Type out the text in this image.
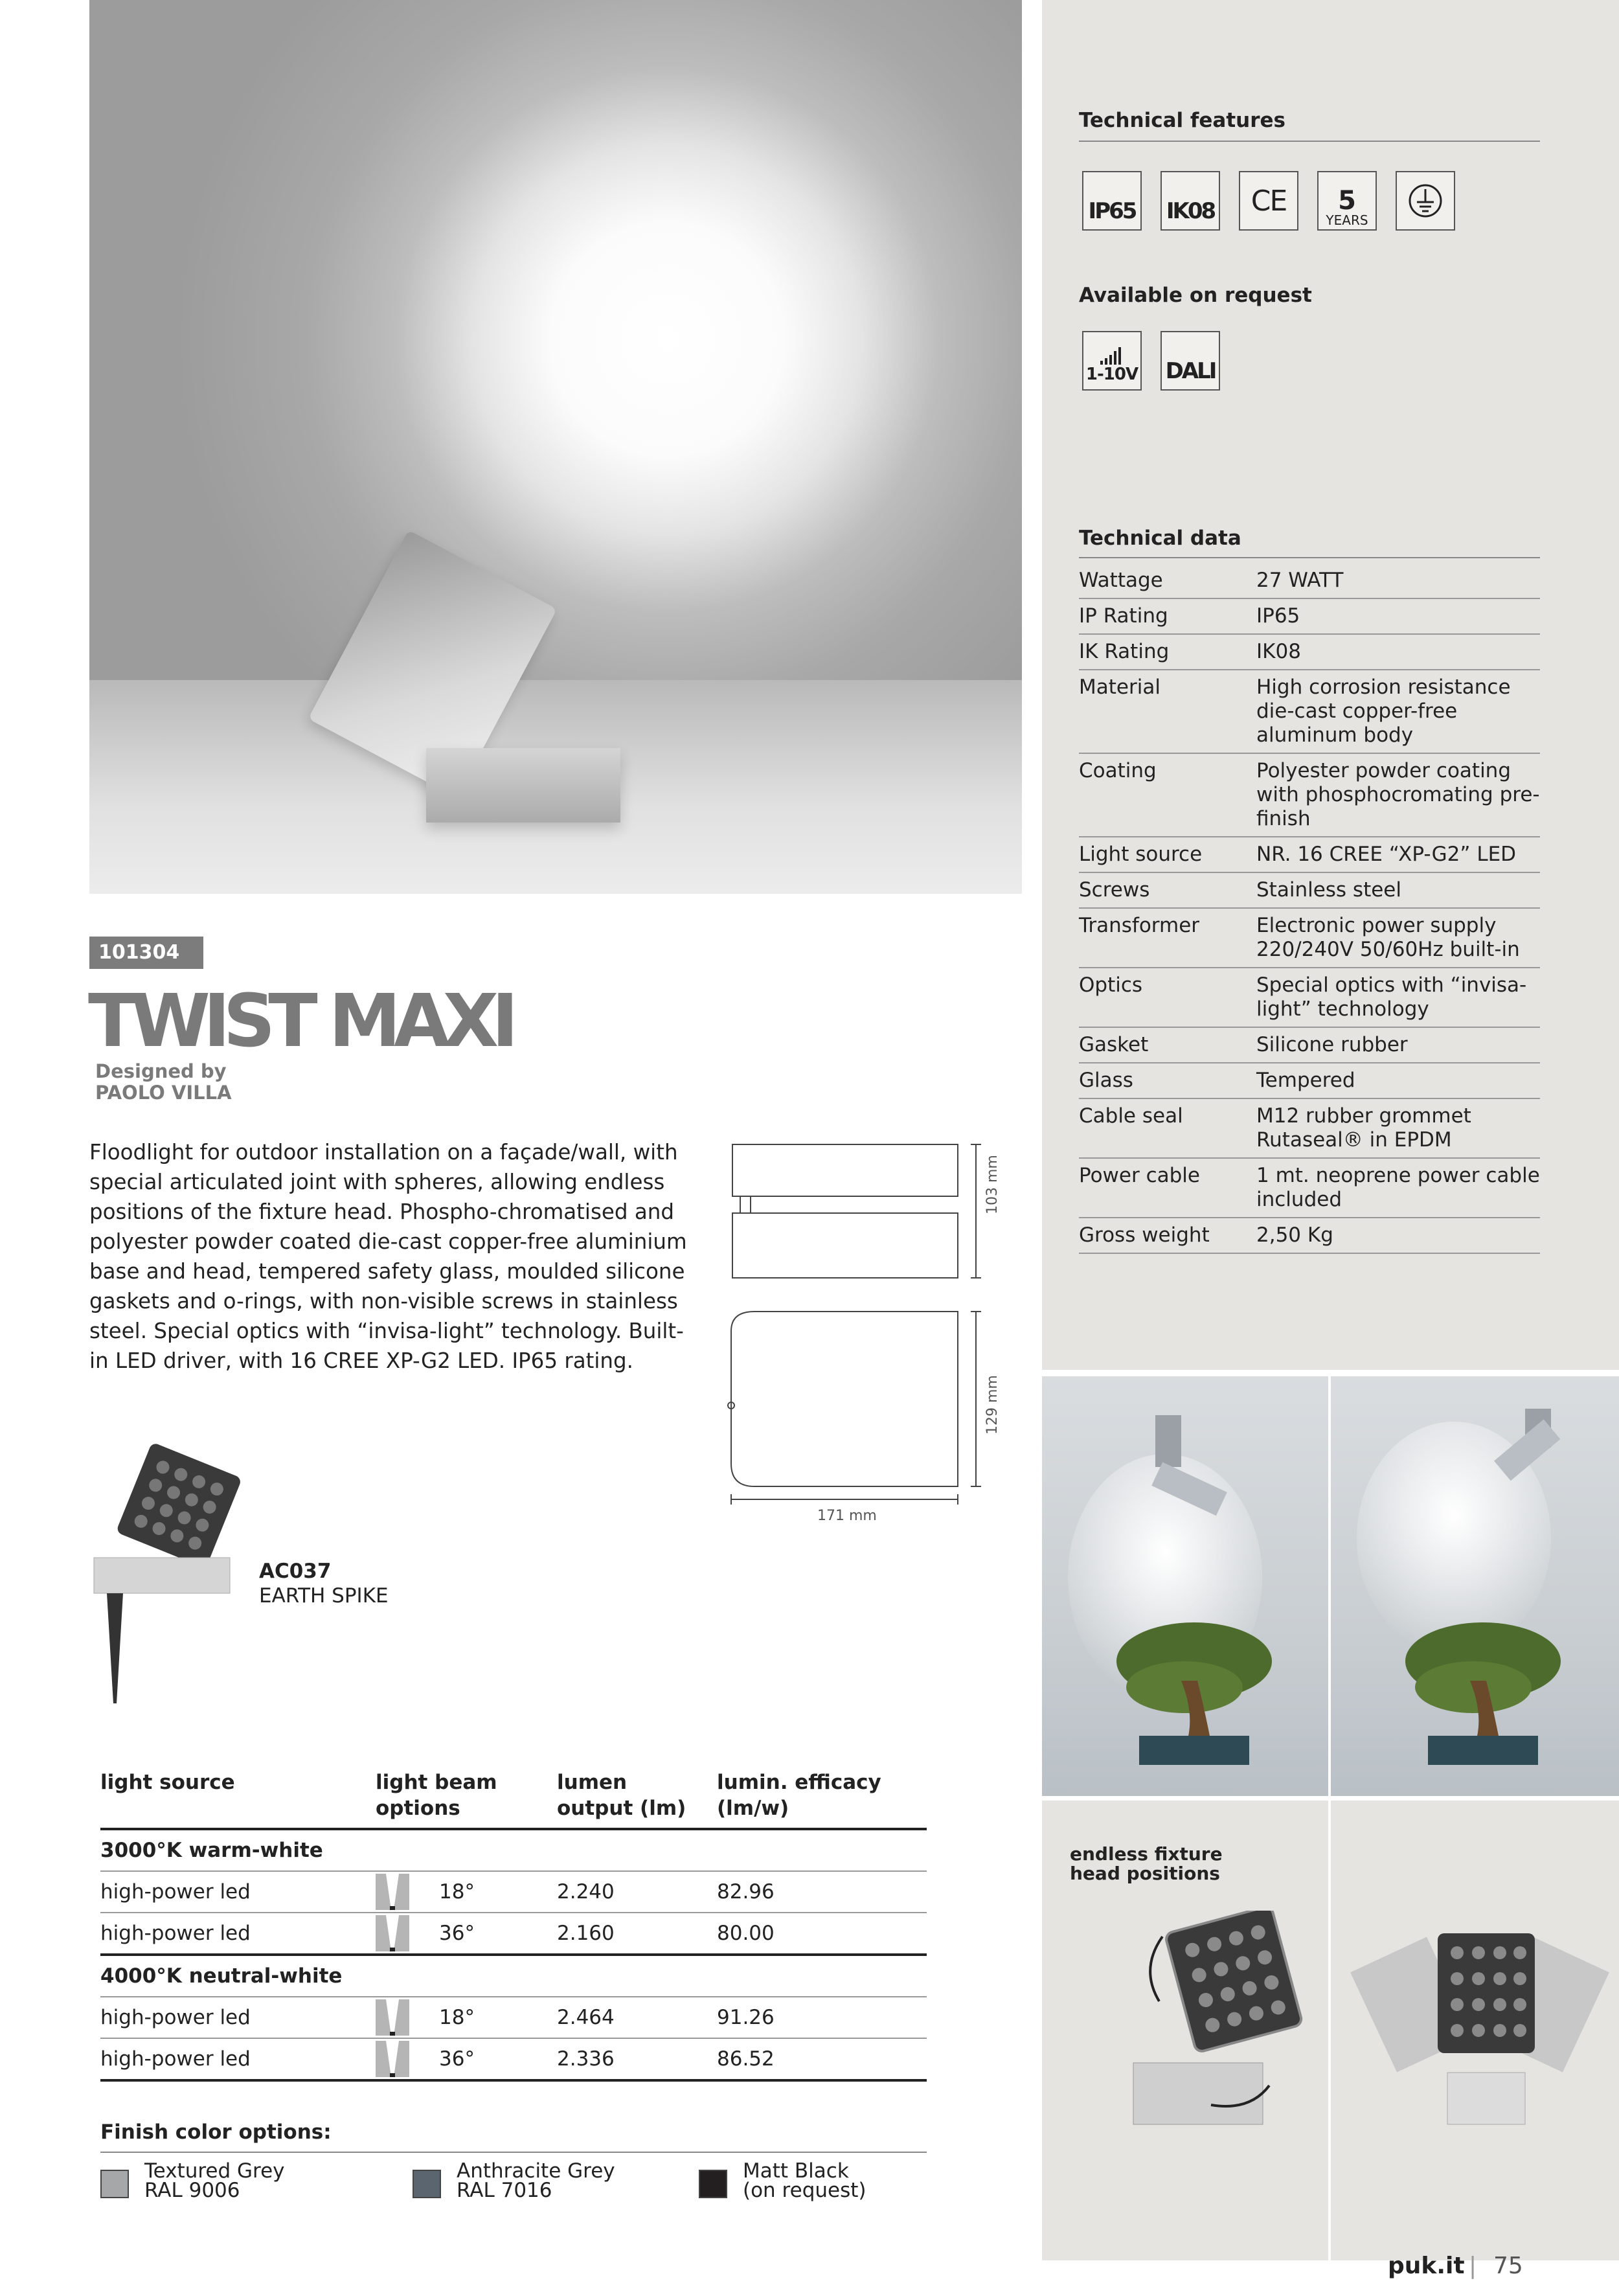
Technical features
IP65 IK08	CE	5
YEARS
Available on request
1-10V DALI
Technical data
Wattage	27 WATT
IP Rating	IP65
IK Rating	IK08
Material	High corrosion resistance die-cast copper-free aluminum body
Coating	Polyester powder coating with phosphocromating pre-finish
Light source	NR. 16 CREE “XP-G2” LED
Screws	Stainless steel
Transformer	Electronic power supply 220/240V 50/60Hz built-in
Optics	Special optics with “invisa-light” technology
Gasket	Silicone rubber
Glass	Tempered
Cable seal	M12 rubber grommet Rutaseal® in EPDM
Power cable	1 mt. neoprene power cable included
Gross weight	2,50 Kg
101304
TWIST MAXI
Designed by
PAOLO VILLA

Floodlight for outdoor installation on a façade/wall, with special articulated joint with spheres, allowing endless positions of the fixture head. Phospho-chromatised and polyester powder coated die-cast copper-free aluminium base and head, tempered safety glass, moulded silicone gaskets and o-rings, with non-visible screws in stainless steel. Special optics with “invisa-light” technology. Built-in LED driver, with 16 CREE XP-G2 LED. IP65 rating.

103 mm
129 mm
171 mm
AC037
EARTH SPIKE
light source	light beam options	lumen output (lm)	lumin. efficacy (lm/w)

3000°K warm-white			
high-power led	18°	2.240	82.96
high-power led	36°	2.160	80.00
4000°K neutral-white			
high-power led	18°	2.464	91.26
high-power led	36°	2.336	86.52
Finish color options:
Textured Grey
RAL 9006
Anthracite Grey
RAL 7016
Matt Black
(on request)
endless fixture head positions
puk.it | 75
